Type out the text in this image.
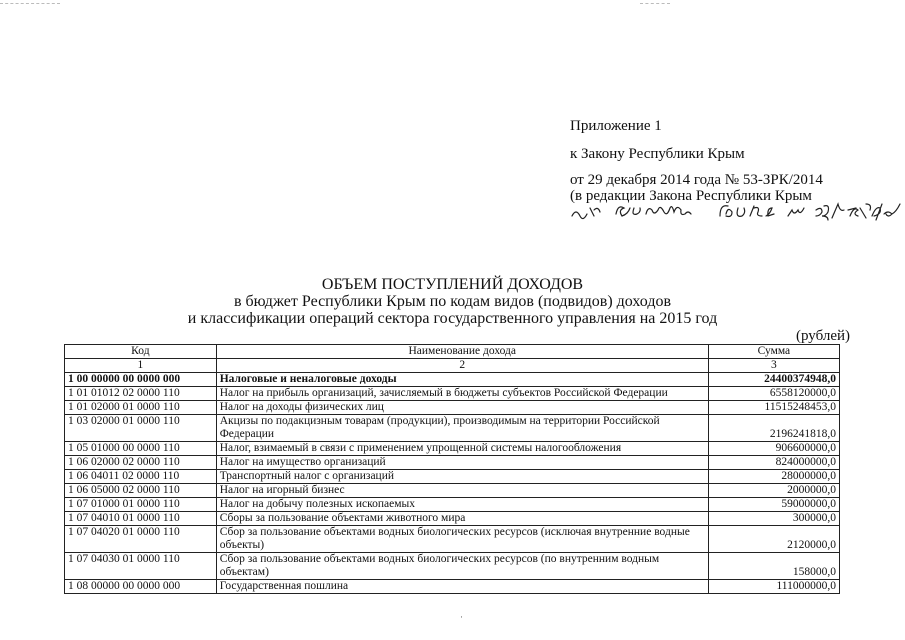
Приложение 1
к Закону Республики Крым
от 29 декабря 2014 года № 53-ЗРК/2014
(в редакции Закона Республики Крым
ОБЪЕМ ПОСТУПЛЕНИЙ ДОХОДОВ
в бюджет Республики Крым по кодам видов (подвидов) доходов
и классификации операций сектора государственного управления на 2015 год
(рублей)
Код	Наименование дохода	Сумма
1	2	3
1 00 00000 00 0000 000	Налоговые и неналоговые доходы	24400374948,0
1 01 01012 02 0000 110	Налог на прибыль организаций, зачисляемый в бюджеты субъектов Российской Федерации	6558120000,0
1 01 02000 01 0000 110	Налог на доходы физических лиц	11515248453,0
1 03 02000 01 0000 110	Акцизы по подакцизным товарам (продукции), производимым на территории Российской Федерации	2196241818,0
1 05 01000 00 0000 110	Налог, взимаемый в связи с применением упрощенной системы налогообложения	906600000,0
1 06 02000 02 0000 110	Налог на имущество организаций	824000000,0
1 06 04011 02 0000 110	Транспортный налог с организаций	28000000,0
1 06 05000 02 0000 110	Налог на игорный бизнес	2000000,0
1 07 01000 01 0000 110	Налог на добычу полезных ископаемых	59000000,0
1 07 04010 01 0000 110	Сборы за пользование объектами животного мира	300000,0
1 07 04020 01 0000 110	Сбор за пользование объектами водных биологических ресурсов (исключая внутренние водные объекты)	2120000,0
1 07 04030 01 0000 110	Сбор за пользование объектами водных биологических ресурсов (по внутренним водным объектам)	158000,0
1 08 00000 00 0000 000	Государственная пошлина	111000000,0
·
